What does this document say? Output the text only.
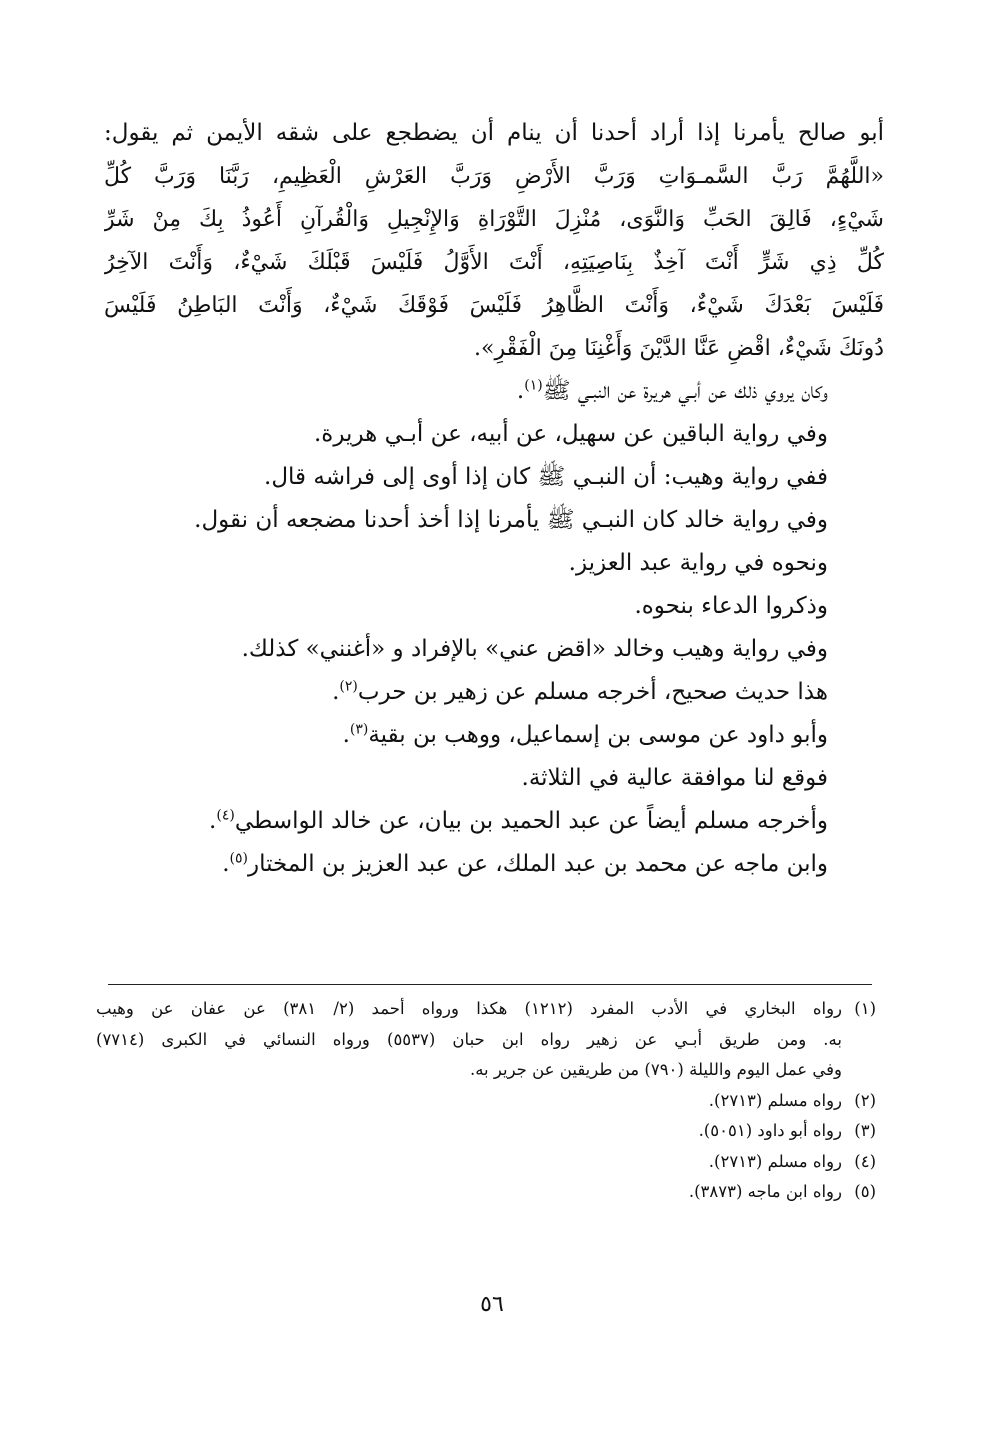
أبو صالح يأمرنا إذا أراد أحدنا أن ينام أن يضطجع على شقه الأيمن ثم يقول:

«اللَّهُمَّ رَبَّ السَّمـوَاتِ وَرَبَّ الأَرْضِ وَرَبَّ العَرْشِ الْعَظِيمِ، رَبَّنَا وَرَبَّ كُلِّ

شَيْءٍ، فَالِقَ الحَبِّ وَالنَّوَى، مُنْزِلَ التَّوْرَاةِ وَالإِنْجِيلِ وَالْقُرآنِ أَعُوذُ بِكَ مِنْ شَرِّ

كُلِّ ذِي شَرٍّ أَنْتَ آخِذٌ بِنَاصِيَتِهِ، أَنْتَ الأَوَّلُ فَلَيْسَ قَبْلَكَ شَيْءٌ، وَأَنْتَ الآخِرُ

فَلَيْسَ بَعْدَكَ شَيْءٌ، وَأَنْتَ الظَّاهِرُ فَلَيْسَ فَوْقَكَ شَيْءٌ، وَأَنْتَ البَاطِنُ فَلَيْسَ

دُونَكَ شَيْءٌ، اقْضِ عَنَّا الدَّيْنَ وَأَغْنِنَا مِنَ الْفَقْرِ».

وكان يروي ذلك عن أبـي هريرة عن النبـي ﷺ$^{(١)}$.

وفي رواية الباقين عن سهيل، عن أبيه، عن أبـي هريرة.

ففي رواية وهيب: أن النبـي ﷺ كان إذا أوى إلى فراشه قال.

وفي رواية خالد كان النبـي ﷺ يأمرنا إذا أخذ أحدنا مضجعه أن نقول.

ونحوه في رواية عبد العزيز.

وذكروا الدعاء بنحوه.

وفي رواية وهيب وخالد «اقض عني» بالإفراد و «أغنني» كذلك.

هذا حديث صحيح، أخرجه مسلم عن زهير بن حرب$^{(٢)}$.

وأبو داود عن موسى بن إسماعيل، ووهب بن بقية$^{(٣)}$.

فوقع لنا موافقة عالية في الثلاثة.

وأخرجه مسلم أيضاً عن عبد الحميد بن بيان، عن خالد الواسطي$^{(٤)}$.

وابن ماجه عن محمد بن عبد الملك، عن عبد العزيز بن المختار$^{(٥)}$.

(١)رواه البخاري في الأدب المفرد (١٢١٢) هكذا ورواه أحمد (٢/ ٣٨١) عن عفان عن وهيب

به. ومن طريق أبـي عن زهير رواه ابن حبان (٥٥٣٧) ورواه النسائي في الكبرى (٧٧١٤)

وفي عمل اليوم والليلة (٧٩٠) من طريقين عن جرير به.

(٢)رواه مسلم (٢٧١٣).

(٣)رواه أبو داود (٥٠٥١).

(٤)رواه مسلم (٢٧١٣).

(٥)رواه ابن ماجه (٣٨٧٣).

٥٦
